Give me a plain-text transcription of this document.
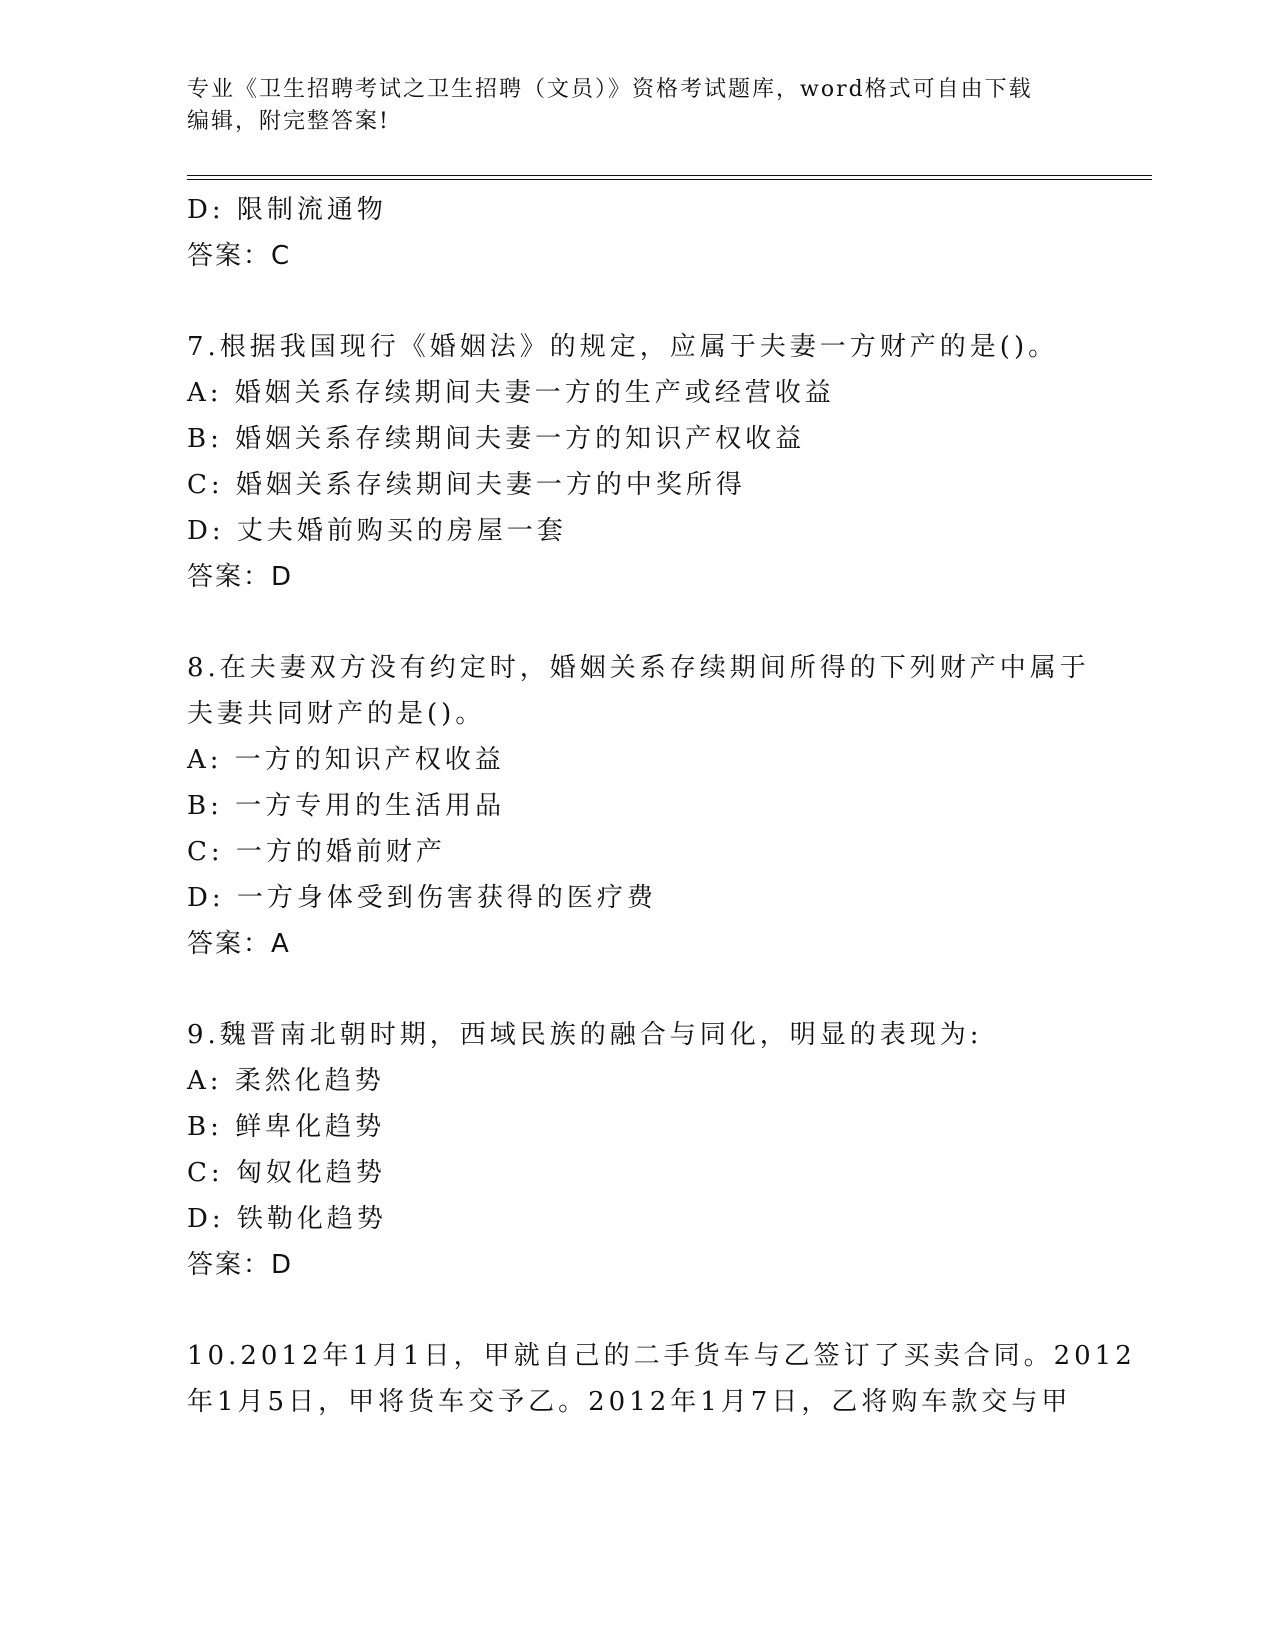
专业《卫生招聘考试之卫生招聘（文员）》资格考试题库，word格式可自由下载
编辑，附完整答案!
D: 限制流通物
答案：C
7.根据我国现行《婚姻法》的规定，应属于夫妻一方财产的是()。
A: 婚姻关系存续期间夫妻一方的生产或经营收益
B: 婚姻关系存续期间夫妻一方的知识产权收益
C: 婚姻关系存续期间夫妻一方的中奖所得
D: 丈夫婚前购买的房屋一套
答案：D
8.在夫妻双方没有约定时，婚姻关系存续期间所得的下列财产中属于
夫妻共同财产的是()。
A: 一方的知识产权收益
B: 一方专用的生活用品
C: 一方的婚前财产
D: 一方身体受到伤害获得的医疗费
答案：A
9.魏晋南北朝时期，西域民族的融合与同化，明显的表现为:
A: 柔然化趋势
B: 鲜卑化趋势
C: 匈奴化趋势
D: 铁勒化趋势
答案：D
10.2012年1月1日，甲就自己的二手货车与乙签订了买卖合同。2012
年1月5日，甲将货车交予乙。2012年1月7日，乙将购车款交与甲
